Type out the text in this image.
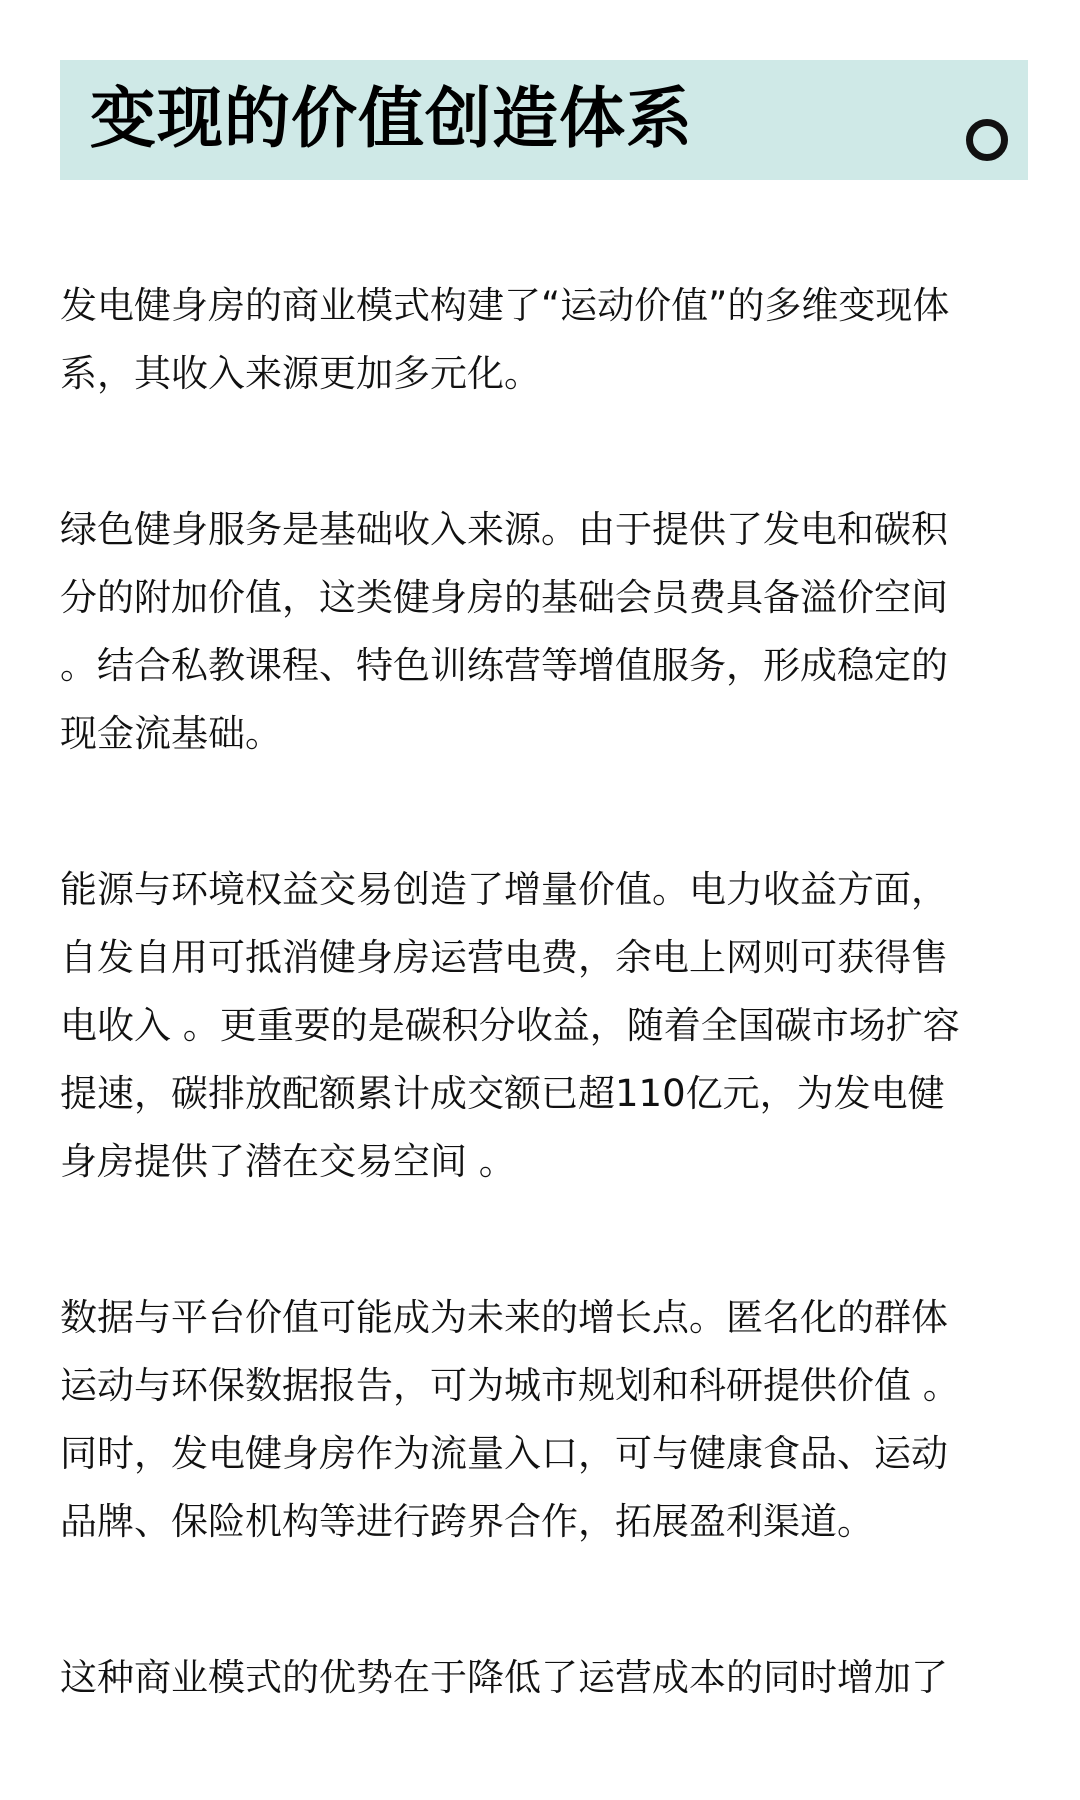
变现的价值创造体系

发电健身房的商业模式构建了“运动价值”的多维变现体
系，其收入来源更加多元化。

绿色健身服务是基础收入来源。由于提供了发电和碳积
分的附加价值，这类健身房的基础会员费具备溢价空间
。结合私教课程、特色训练营等增值服务，形成稳定的
现金流基础。

能源与环境权益交易创造了增量价值。电力收益方面，
自发自用可抵消健身房运营电费，余电上网则可获得售
电收入 。更重要的是碳积分收益，随着全国碳市场扩容
提速，碳排放配额累计成交额已超110亿元，为发电健
身房提供了潜在交易空间 。

数据与平台价值可能成为未来的增长点。匿名化的群体
运动与环保数据报告，可为城市规划和科研提供价值 。
同时，发电健身房作为流量入口，可与健康食品、运动
品牌、保险机构等进行跨界合作，拓展盈利渠道。

这种商业模式的优势在于降低了运营成本的同时增加了
